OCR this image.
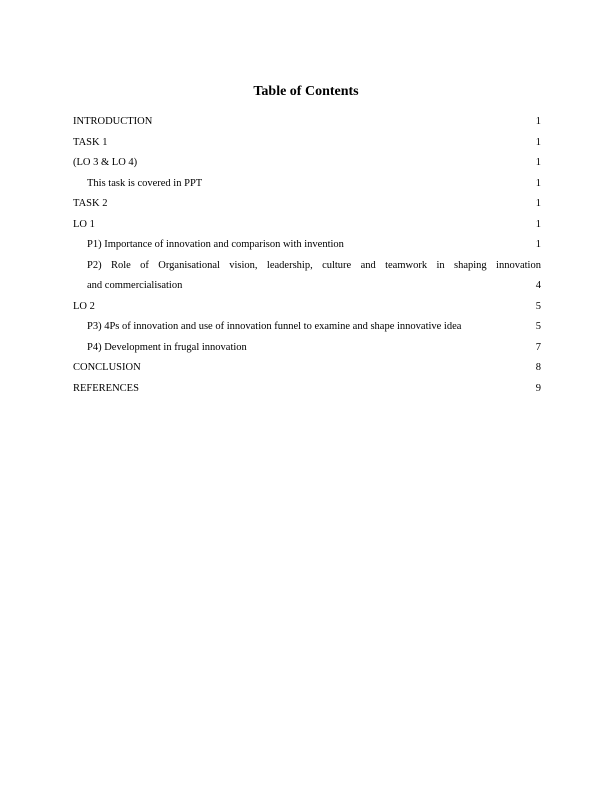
Table of Contents
INTRODUCTION	1
TASK 1	1
(LO 3 & LO 4)	1
This task is covered in PPT	1
TASK 2	1
LO 1	1
P1) Importance of innovation and comparison with invention	1
P2) Role of Organisational vision, leadership, culture and teamwork in shaping innovation
and commercialisation	4
LO 2	5
P3) 4Ps of innovation and use of innovation funnel to examine and shape innovative idea	5
P4) Development in frugal innovation	7
CONCLUSION	8
REFERENCES	9
